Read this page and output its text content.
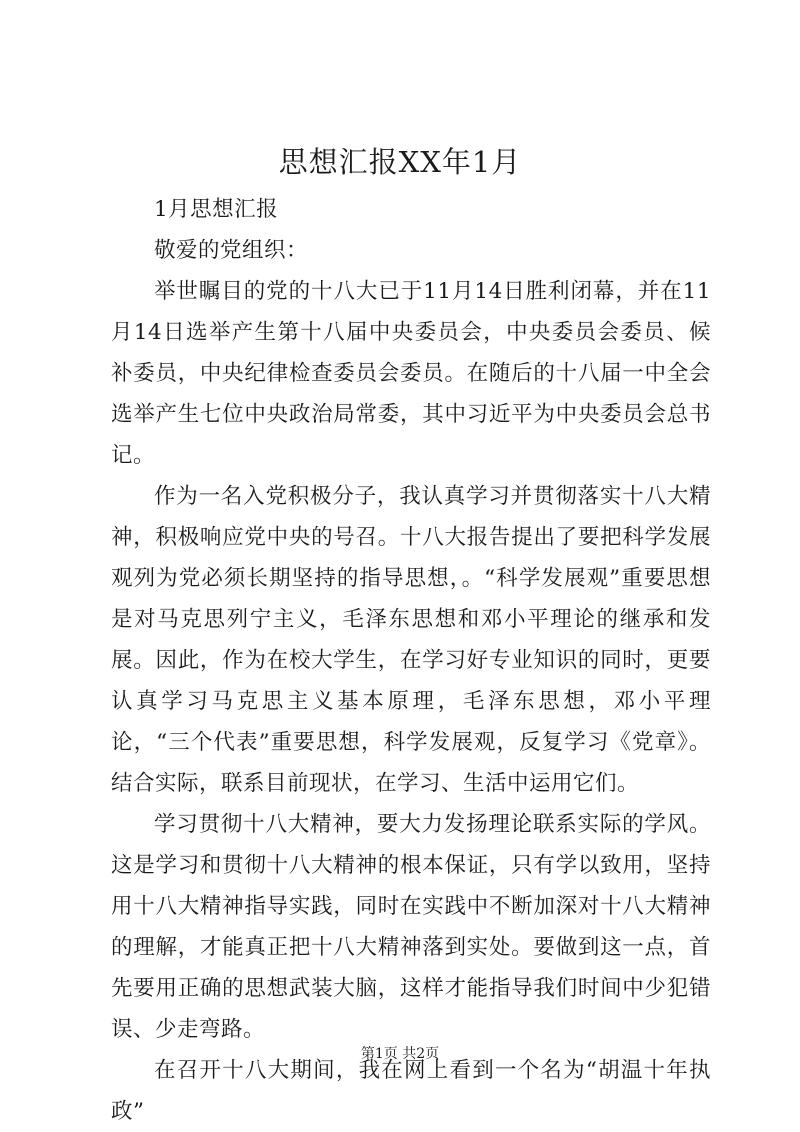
思想汇报XX年1月

1月思想汇报

敬爱的党组织：

举世瞩目的党的十八大已于11月14日胜利闭幕，并在11月14日选举产生第十八届中央委员会，中央委员会委员、候补委员，中央纪律检查委员会委员。在随后的十八届一中全会选举产生七位中央政治局常委，其中习近平为中央委员会总书记。

作为一名入党积极分子，我认真学习并贯彻落实十八大精神，积极响应党中央的号召。十八大报告提出了要把科学发展观列为党必须长期坚持的指导思想，。“科学发展观”重要思想是对马克思列宁主义，毛泽东思想和邓小平理论的继承和发展。因此，作为在校大学生，在学习好专业知识的同时，更要认真学习马克思主义基本原理，毛泽东思想，邓小平理论，“三个代表”重要思想，科学发展观，反复学习《党章》。结合实际，联系目前现状，在学习、生活中运用它们。

学习贯彻十八大精神，要大力发扬理论联系实际的学风。这是学习和贯彻十八大精神的根本保证，只有学以致用，坚持用十八大精神指导实践，同时在实践中不断加深对十八大精神的理解，才能真正把十八大精神落到实处。要做到这一点，首先要用正确的思想武装大脑，这样才能指导我们时间中少犯错误、少走弯路。

在召开十八大期间，我在网上看到一个名为“胡温十年执政”

第1页 共2页
